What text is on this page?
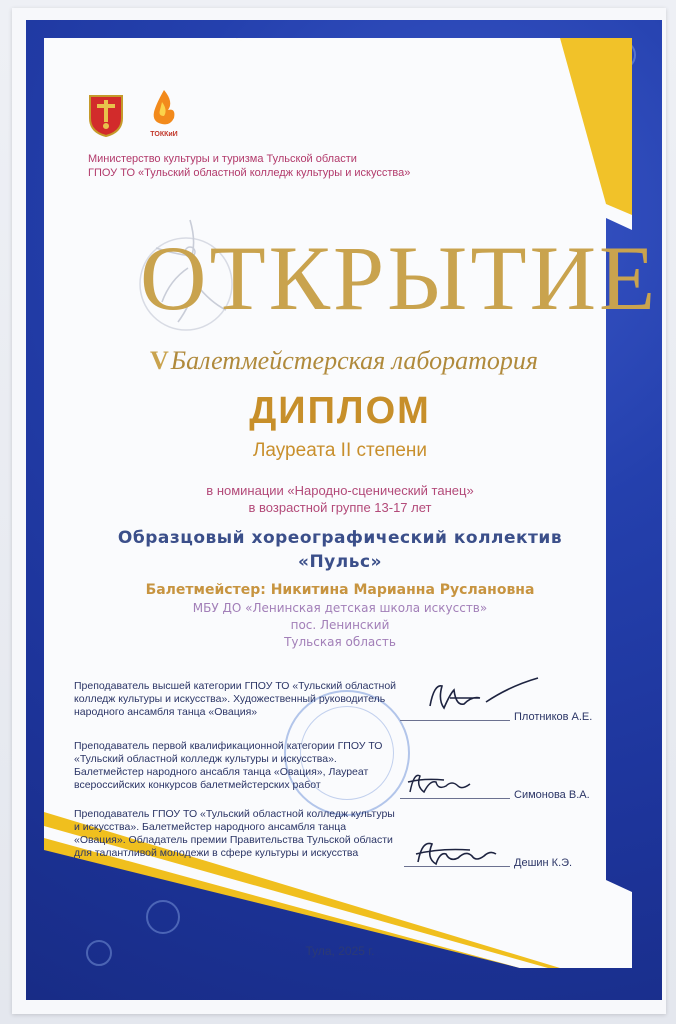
ТОККиИ
Министерство культуры и туризма Тульской области
ГПОУ ТО «Тульский областной колледж культуры и искусства»
ОТКРЫТИЕ
VБалетмейстерская лаборатория
ДИПЛОМ
Лауреата II степени
в номинации «Народно-сценический танец»
в возрастной группе 13-17 лет
Образцовый хореографический коллектив
«Пульс»
Балетмейстер: Никитина Марианна Руслановна
МБУ ДО «Ленинская детская школа искусств»
пос. Ленинский
Тульская область
Преподаватель высшей категории ГПОУ ТО «Тульский областной колледж культуры и искусства». Художественный руководитель народного ансамбля танца «Овация»	Плотников А.Е.
Преподаватель первой квалификационной категории ГПОУ ТО «Тульский областной колледж культуры и искусства». Балетмейстер народного ансабля танца «Овация», Лауреат всероссийских конкурсов балетмейстерских работ
Симонова В.А.
Преподаватель ГПОУ ТО «Тульский областной колледж культуры и искусства». Балетмейстер народного ансамбля танца «Овация». Обладатель премии Правительства Тульской области для талантливой молодежи в сфере культуры и искусства
Дешин К.Э.
Тула, 2025 г.
